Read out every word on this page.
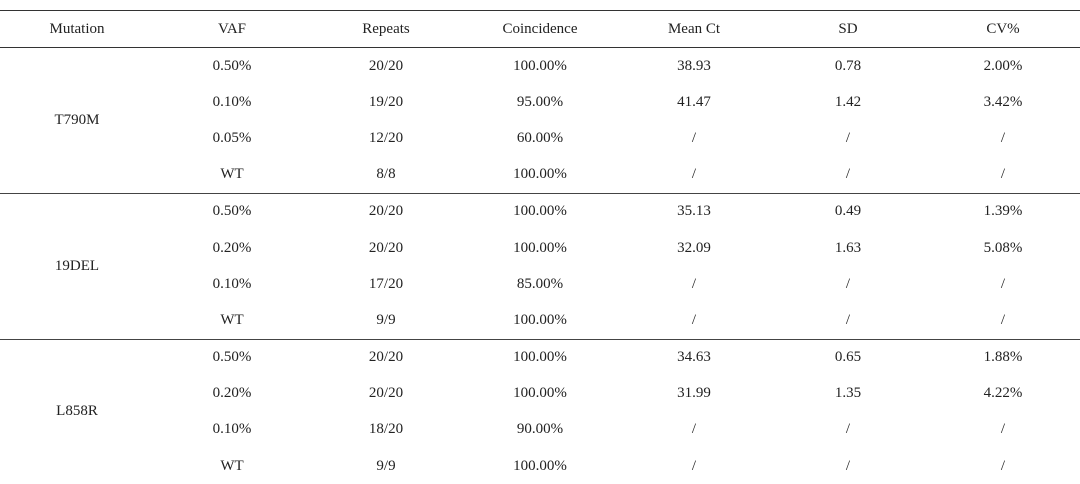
Mutation	VAF	Repeats	Coincidence	Mean Ct	SD	CV%
T790M	0.50%	20/20	100.00%	38.93	0.78	2.00%
	0.10%	19/20	95.00%	41.47	1.42	3.42%
	0.05%	12/20	60.00%	/	/	/
	WT	8/8	100.00%	/	/	/
19DEL	0.50%	20/20	100.00%	35.13	0.49	1.39%
	0.20%	20/20	100.00%	32.09	1.63	5.08%
	0.10%	17/20	85.00%	/	/	/
	WT	9/9	100.00%	/	/	/
L858R	0.50%	20/20	100.00%	34.63	0.65	1.88%
	0.20%	20/20	100.00%	31.99	1.35	4.22%
	0.10%	18/20	90.00%	/	/	/
	WT	9/9	100.00%	/	/	/
